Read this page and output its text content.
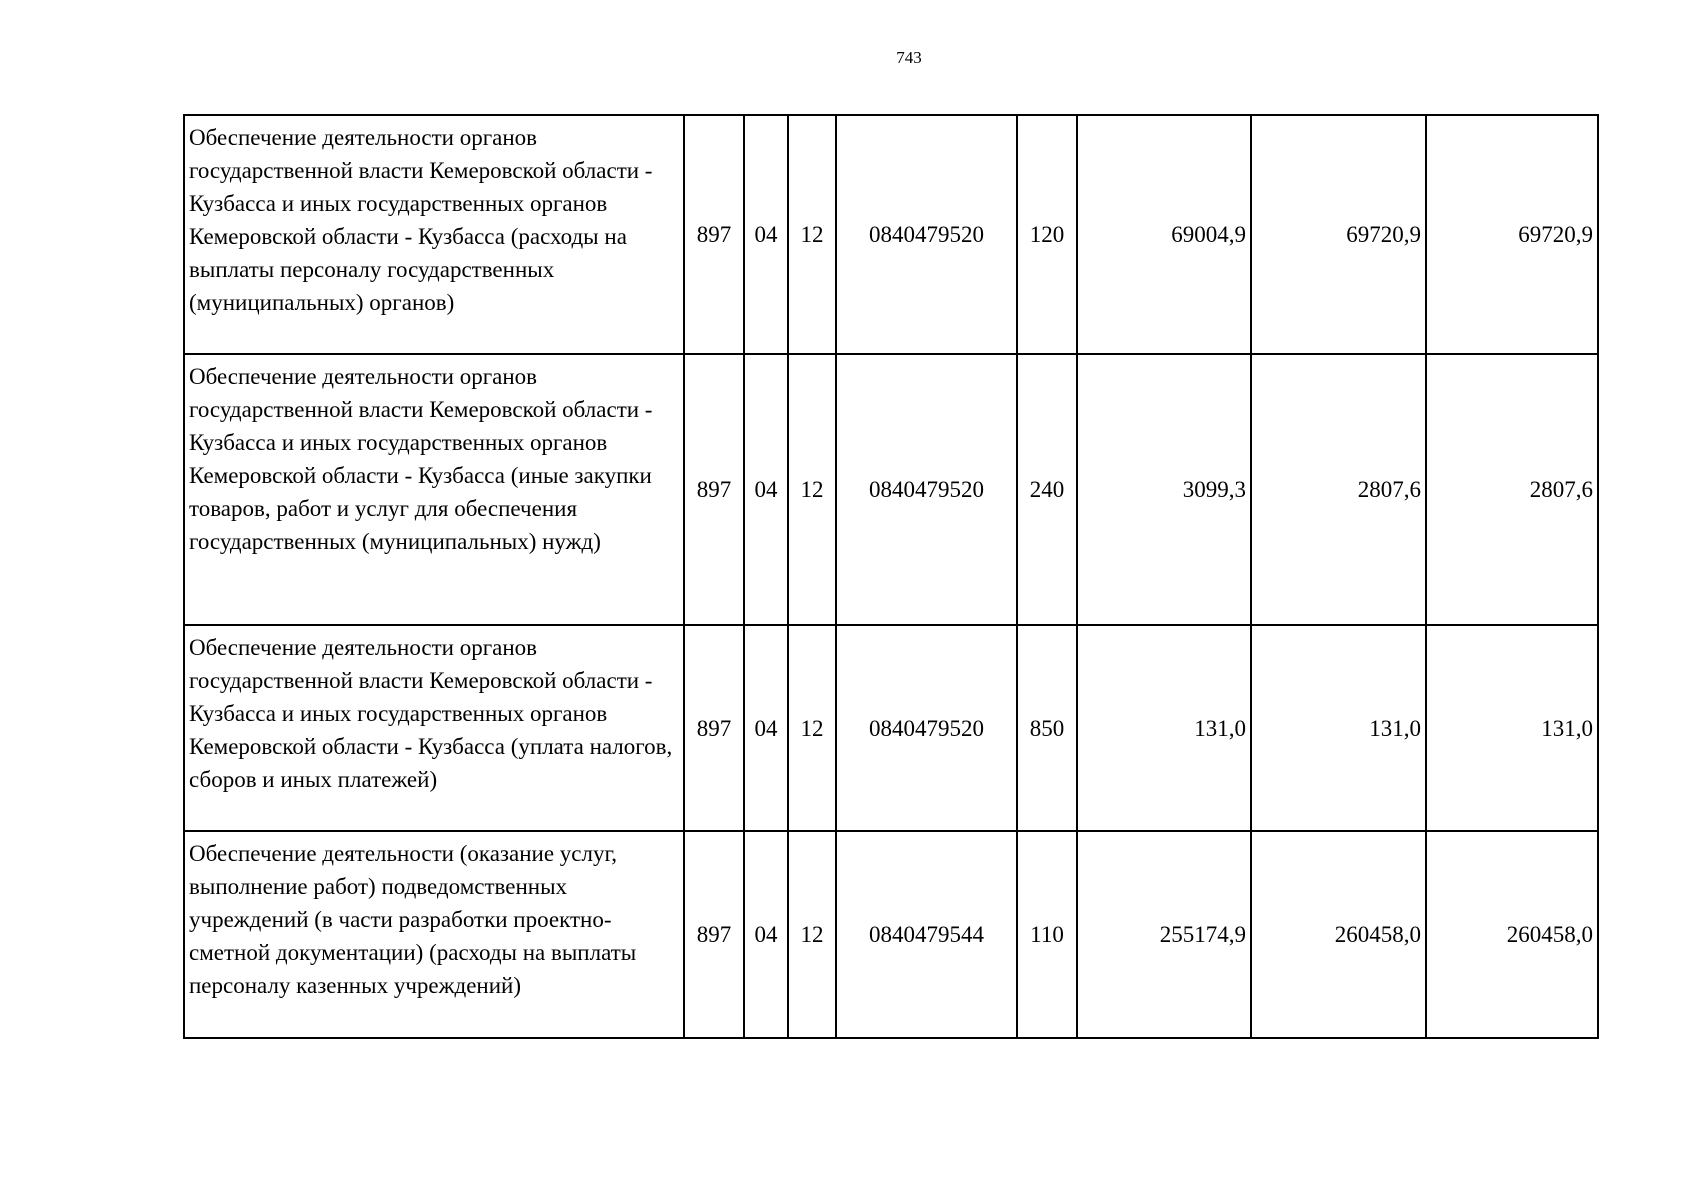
743
Обеспечение деятельности органов государственной власти Кемеровской области - Кузбасса и иных государственных органов Кемеровской области - Кузбасса (расходы на выплаты персоналу государственных (муниципальных) органов)	897	04	12	0840479520	120	69004,9	69720,9	69720,9
Обеспечение деятельности органов государственной власти Кемеровской области - Кузбасса и иных государственных органов Кемеровской области - Кузбасса (иные закупки товаров, работ и услуг для обеспечения государственных (муниципальных) нужд)	897	04	12	0840479520	240	3099,3	2807,6	2807,6
Обеспечение деятельности органов государственной власти Кемеровской области - Кузбасса и иных государственных органов Кемеровской области - Кузбасса (уплата налогов, сборов и иных платежей)	897	04	12	0840479520	850	131,0	131,0	131,0
Обеспечение деятельности (оказание услуг, выполнение работ) подведомственных учреждений (в части разработки проектно-сметной документации) (расходы на выплаты персоналу казенных учреждений)	897	04	12	0840479544	110	255174,9	260458,0	260458,0
